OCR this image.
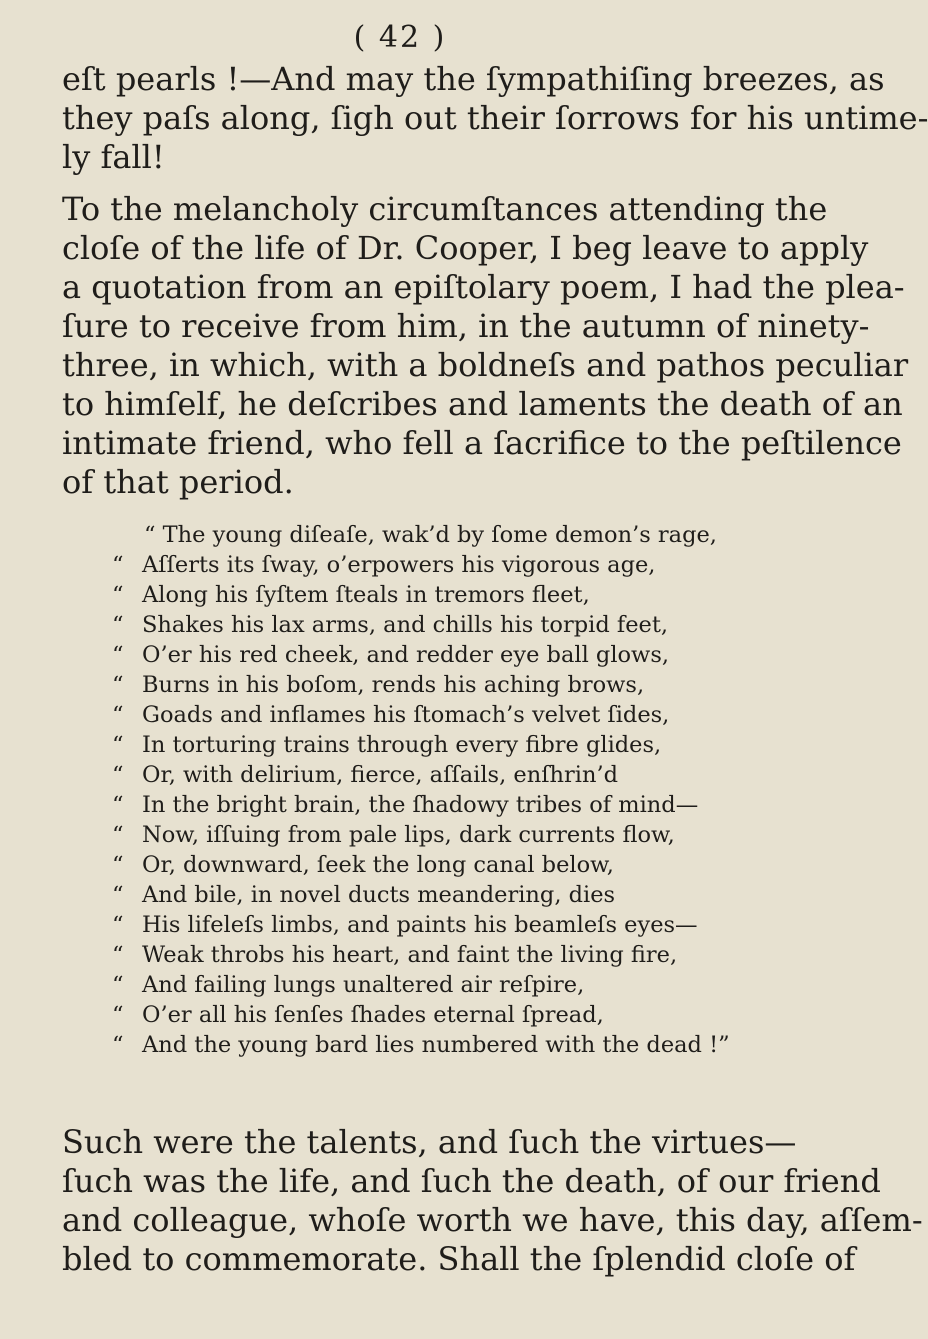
( 42 )
eſt pearls !—And may the ſympathiſing breezes, as
they paſs along, ſigh out their ſorrows for his untime-
ly fall!
To the melancholy circumſtances attending the
cloſe of the life of Dr. Cooper, I beg leave to apply
a quotation from an epiſtolary poem, I had the plea-
ſure to receive from him, in the autumn of ninety-
three, in which, with a boldneſs and pathos peculiar
to himſelf, he deſcribes and laments the death of an
intimate friend, who fell a ſacrifice to the peſtilence
of that period.
“ The young diſeaſe, wak’d by ſome demon’s rage,
“ Aſſerts its ſway, o’erpowers his vigorous age,
“ Along his ſyſtem ſteals in tremors fleet,
“ Shakes his lax arms, and chills his torpid feet,
“ O’er his red cheek, and redder eye ball glows,
“ Burns in his boſom, rends his aching brows,
“ Goads and inflames his ſtomach’s velvet ſides,
“ In torturing trains through every fibre glides,
“ Or, with delirium, fierce, aſſails, enſhrin’d
“ In the bright brain, the ſhadowy tribes of mind—
“ Now, iſſuing from pale lips, dark currents flow,
“ Or, downward, ſeek the long canal below,
“ And bile, in novel ducts meandering, dies
“ His lifeleſs limbs, and paints his beamleſs eyes—
“ Weak throbs his heart, and faint the living fire,
“ And failing lungs unaltered air reſpire,
“ O’er all his ſenſes ſhades eternal ſpread,
“ And the young bard lies numbered with the dead !”
Such were the talents, and ſuch the virtues—
ſuch was the life, and ſuch the death, of our friend
and colleague, whoſe worth we have, this day, aſſem-
bled to commemorate. Shall the ſplendid cloſe of
